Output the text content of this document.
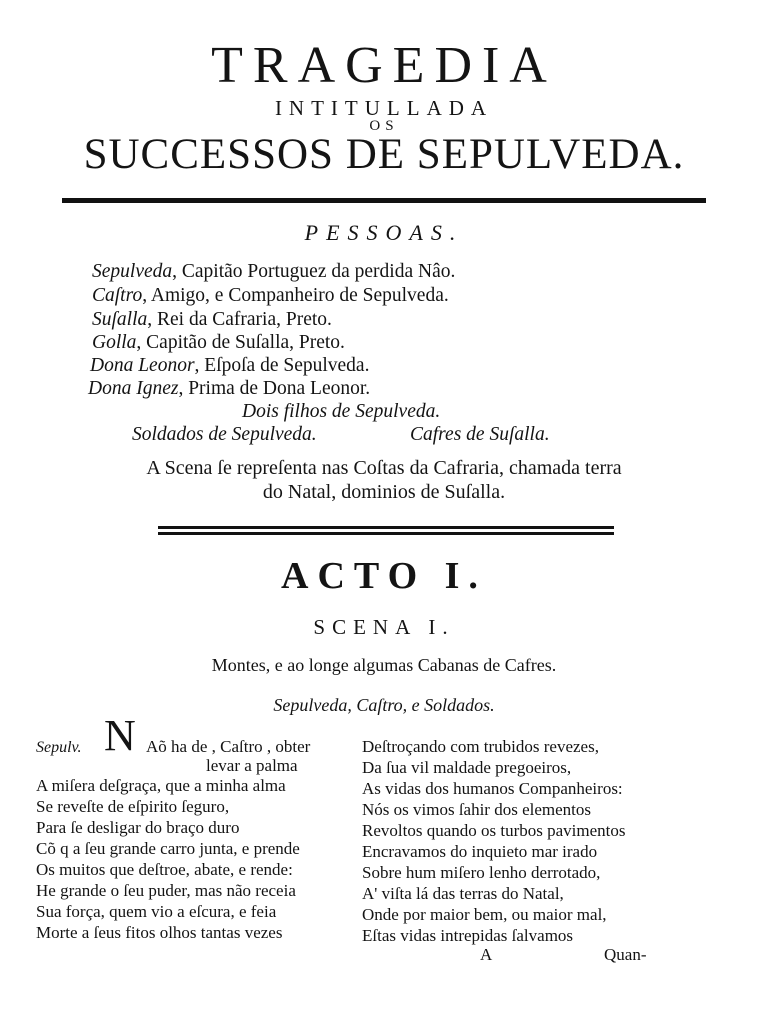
TRAGEDIA
INTITULLADA
OS
SUCCESSOS DE SEPULVEDA.
PESSOAS.
Sepulveda, Capitão Portuguez da perdida Nâo.
Caſtro, Amigo, e Companheiro de Sepulveda.
Suſalla, Rei da Cafraria, Preto.
Golla, Capitão de Suſalla, Preto.
Dona Leonor, Eſpoſa de Sepulveda.
Dona Ignez, Prima de Dona Leonor.
Dois filhos de Sepulveda.
Soldados de Sepulveda.	Cafres de Suſalla.
A Scena ſe repreſenta nas Coſtas da Cafraria, chamada terra
do Natal, dominios de Suſalla.
ACTO I.
SCENA I.
Montes, e ao longe algumas Cabanas de Cafres.
Sepulveda, Caſtro, e Soldados.
Sepulv. N Aõ ha de , Caſtro , obter
levar a palma
A miſera deſgraça, que a minha alma
Se reveſte de eſpirito ſeguro,
Para ſe desligar do braço duro
Cõ q a ſeu grande carro junta, e prende
Os muitos que deſtroe, abate, e rende:
He grande o ſeu puder, mas não receia
Sua força, quem vio a eſcura, e feia
Morte a ſeus fitos olhos tantas vezes
Deſtroçando com trubidos revezes,
Da ſua vil maldade pregoeiros,
As vidas dos humanos Companheiros:
Nós os vimos ſahir dos elementos
Revoltos quando os turbos pavimentos
Encravamos do inquieto mar irado
Sobre hum miſero lenho derrotado,
A' viſta lá das terras do Natal,
Onde por maior bem, ou maior mal,
Eſtas vidas intrepidas ſalvamos
A	Quan-
